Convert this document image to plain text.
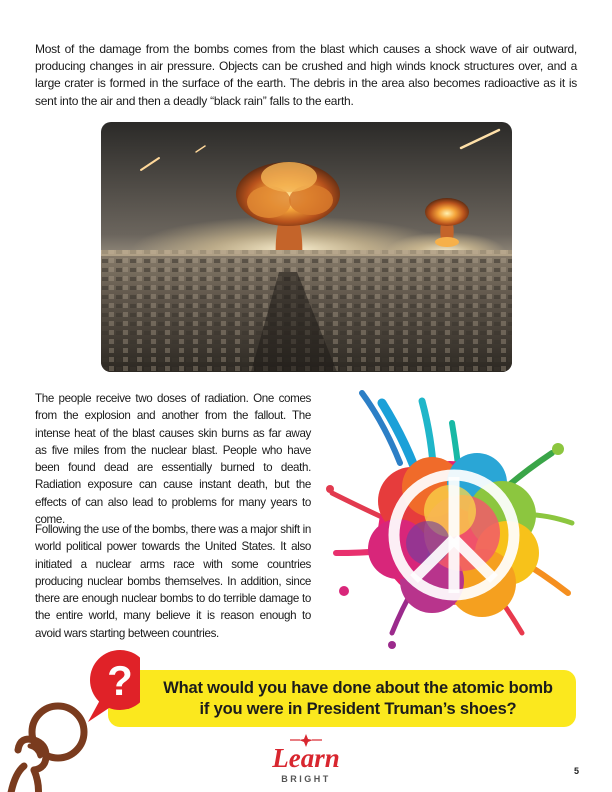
Most of the damage from the bombs comes from the blast which causes a shock wave of air outward, producing changes in air pressure. Objects can be crushed and high winds knock structures over, and a large crater is formed in the surface of the earth. The debris in the area also becomes radioactive as it is sent into the air and then a deadly “black rain” falls to the earth.

The people receive two doses of radiation. One comes from the explosion and another from the fallout. The intense heat of the blast causes skin burns as far away as five miles from the nuclear blast. People who have been found dead are essentially burned to death. Radiation exposure can cause instant death, but the effects of can also lead to problems for many years to come.

Following the use of the bombs, there was a major shift in world political power towards the United States. It also initiated a nuclear arms race with some countries producing nuclear bombs themselves. In addition, since there are enough nuclear bombs to do terrible damage to the entire world, many believe it is reason enough to avoid wars starting between countries.

What would you have done about the atomic bomb
if you were in President Truman’s shoes?

?
Learn
BRIGHT
5
